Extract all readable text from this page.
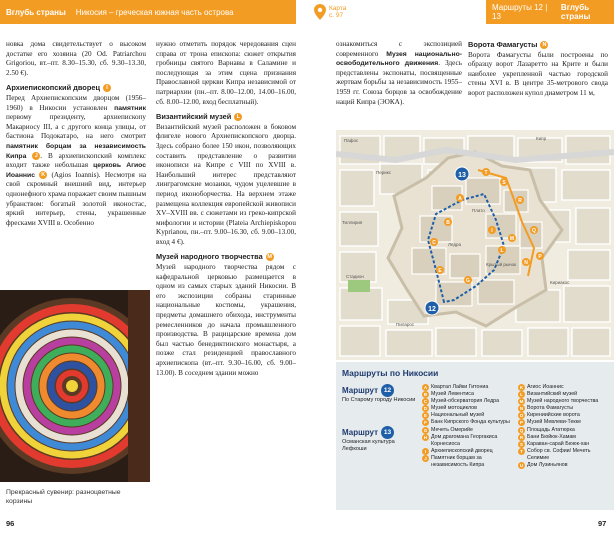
Вглубь страны Никосия – греческая южная часть острова	Карта
с. 97
Маршруты 12 | 13
Вглубь страны

новка дома свидетельствует о высоком достатке его хозяина (20 Od. Patriarchou Grigoriou, вт.–пт. 8.30–15.30, сб. 9.30–13.30, 2.50 €).

Архиепископский дворец	I

Перед Архиепископским дворцом (1956–1960) в Никосии установлен памятник первому президенту, архиепископу Макариосу III, а с другого конца улицы, от бастиона Подокатаро, на него смотрит памятник борцам за независимость Кипра J . В архиепископский комплекс входит также небольшая церковь Агиос Иоаннис K (Agios Ioannis). Несмотря на свой скромный внешний вид, интерьер однонефного храма поражает своим пышным убранством: богатый золотой иконостас, яркий интерьер, стены, украшенные фресками XVIII в. Особенно

нужно отметить порядок чередования сцен справа от трона епископа: сюжет открытия гробницы святого Варнавы в Саламине и последующая за этим сцена признания Православной церкви Кипра независимой от патриархии (пн.–пт. 8.00–12.00, 14.00–16.00, сб. 8.00–12.00, вход бесплатный).

Византийский музей L

Византийский музей расположен в боковом флигеле нового Архиепископского дворца. Здесь собрано более 150 икон, позволяющих составить представление о развитии иконописи на Кипре с VIII по XVIII в. Наибольший интерес представляют линграгомские мозаики, чудом уцелевшие в период иконоборчества. На верхнем этаже размещена коллекция европейской живописи XV–XVIII вв. с сюжетами из греко-кипрской мифологии и истории (Plateia Archiepiskopou Kyprianou, пн.–пт. 9.00–16.30, сб. 9.00–13.00, вход 4 €).

Музей народного творчества M

Музей народного творчества рядом с кафедральной церковью размещается в одном из самых старых зданий Никосии. В его экспозиции собраны старинные национальные костюмы, украшения, предметы домашнего обихода, инструменты ремесленников до начала промышленного производства. В рацицарские времена дом был частью бенедиктинского монастыря, а позже стал резиденцией православного архиепископа (вт.–пт. 9.30–16.00, сб. 9.00–13.00). В соседнем здании можно

Прекрасный сувенир: разноцветные корзины
96	97

ознакомиться с экспозицией современного Музея национально-освободительного движения. Здесь представлены экспонаты, посвященные жертвам борьбы за независимость 1955–1959 гг. Союза борцов за освобождение наций Кипра (ЭОКА).

Ворота Фамагусты N

Ворота Фамагусты были построены по образцу ворот Лазаретто на Крите и были наиболее укрепленной частью городской стены XVI в. В центре 35-метрового свода ворот расположен купол диаметром 11 м,

T
S
R
Q
P
A
B
C
E
G
I
L
M
N
13
12
Пафос
Ледра
Плато
Кипр
Перикс
Тиллирия
Кириакос
Пиларос
Крытый рынок
Стадион
Маршруты по Никосии
Маршрут 12
По Старому городу Никосии
Маршрут 13
Османская культура Лефкоши
A Квартал Лайки Гитониа
B Музей Левентиса
C Музей-обсерватория Ледра
D Музей мотоциклов
E Национальный музей
F Банк Кипрского Фонда культуры
G Мечеть Омерийе
H Дом драгомана Георгакиса Корнесиоса
I Архиепископский дворец
J Памятник борцам за независимость Кипра
K Агиос Иоаннис
L Византийский музей
M Музей народного творчества
N Ворота Фамагусты
O Кирениийские ворота
P Музей Мевлеви-Текке
Q Площадь Ататюрка
R Бани Бюйюк-Хамам
S Караван-сарай Бююк-хан
T Собор св. Софии/ Мечеть Селимие
U Дом Лузиньянов
